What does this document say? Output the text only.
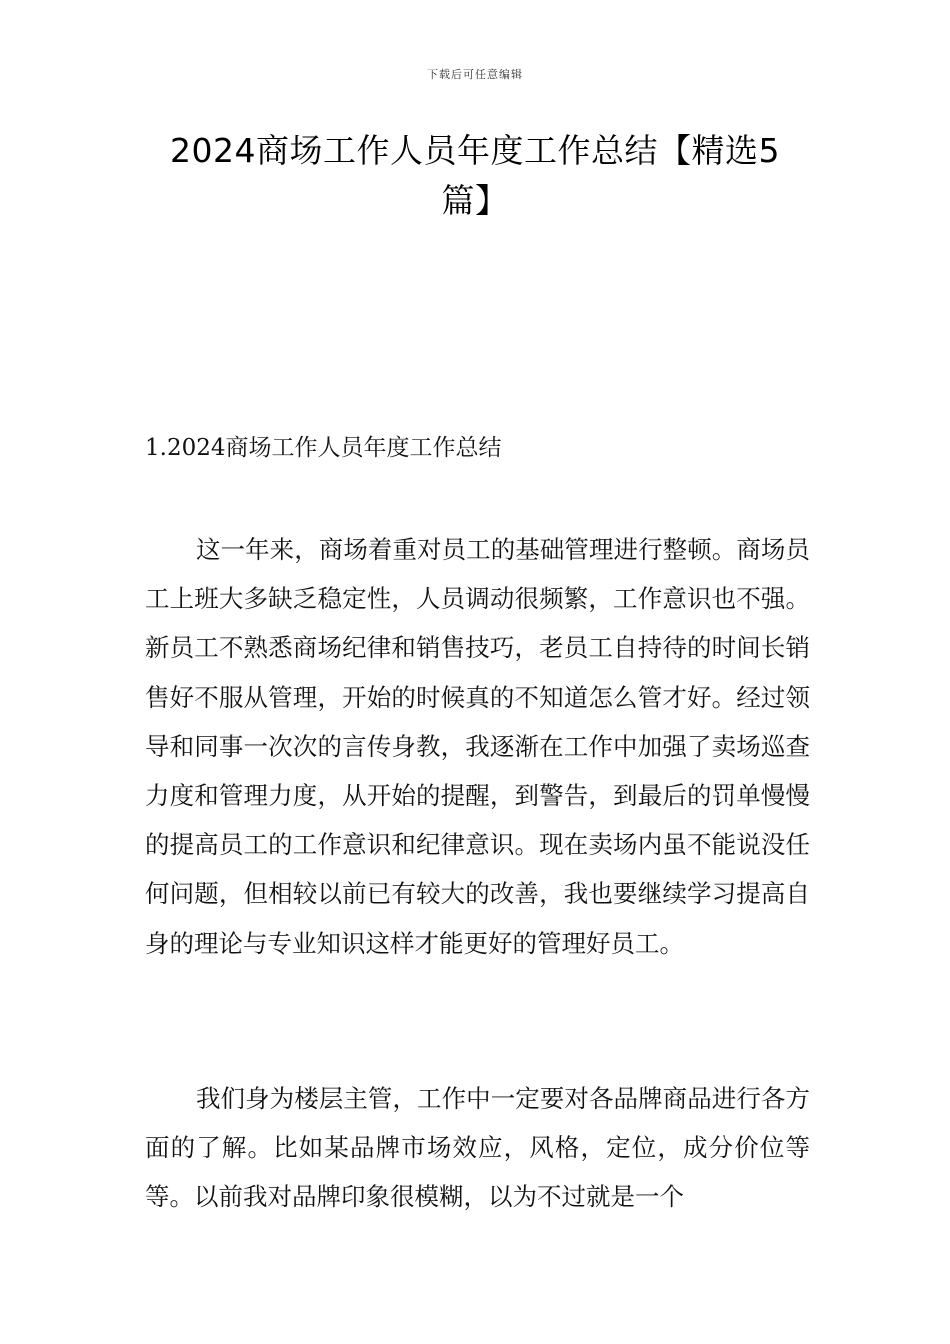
下载后可任意编辑
2024商场工作人员年度工作总结【精选5篇】
1.2024商场工作人员年度工作总结

这一年来，商场着重对员工的基础管理进行整顿。商场员工上班大多缺乏稳定性，人员调动很频繁，工作意识也不强。新员工不熟悉商场纪律和销售技巧，老员工自持待的时间长销售好不服从管理，开始的时候真的不知道怎么管才好。经过领导和同事一次次的言传身教，我逐渐在工作中加强了卖场巡查力度和管理力度，从开始的提醒，到警告，到最后的罚单慢慢的提高员工的工作意识和纪律意识。现在卖场内虽不能说没任何问题，但相较以前已有较大的改善，我也要继续学习提高自身的理论与专业知识这样才能更好的管理好员工。

我们身为楼层主管，工作中一定要对各品牌商品进行各方面的了解。比如某品牌市场效应，风格，定位，成分价位等等。以前我对品牌印象很模糊，以为不过就是一个
